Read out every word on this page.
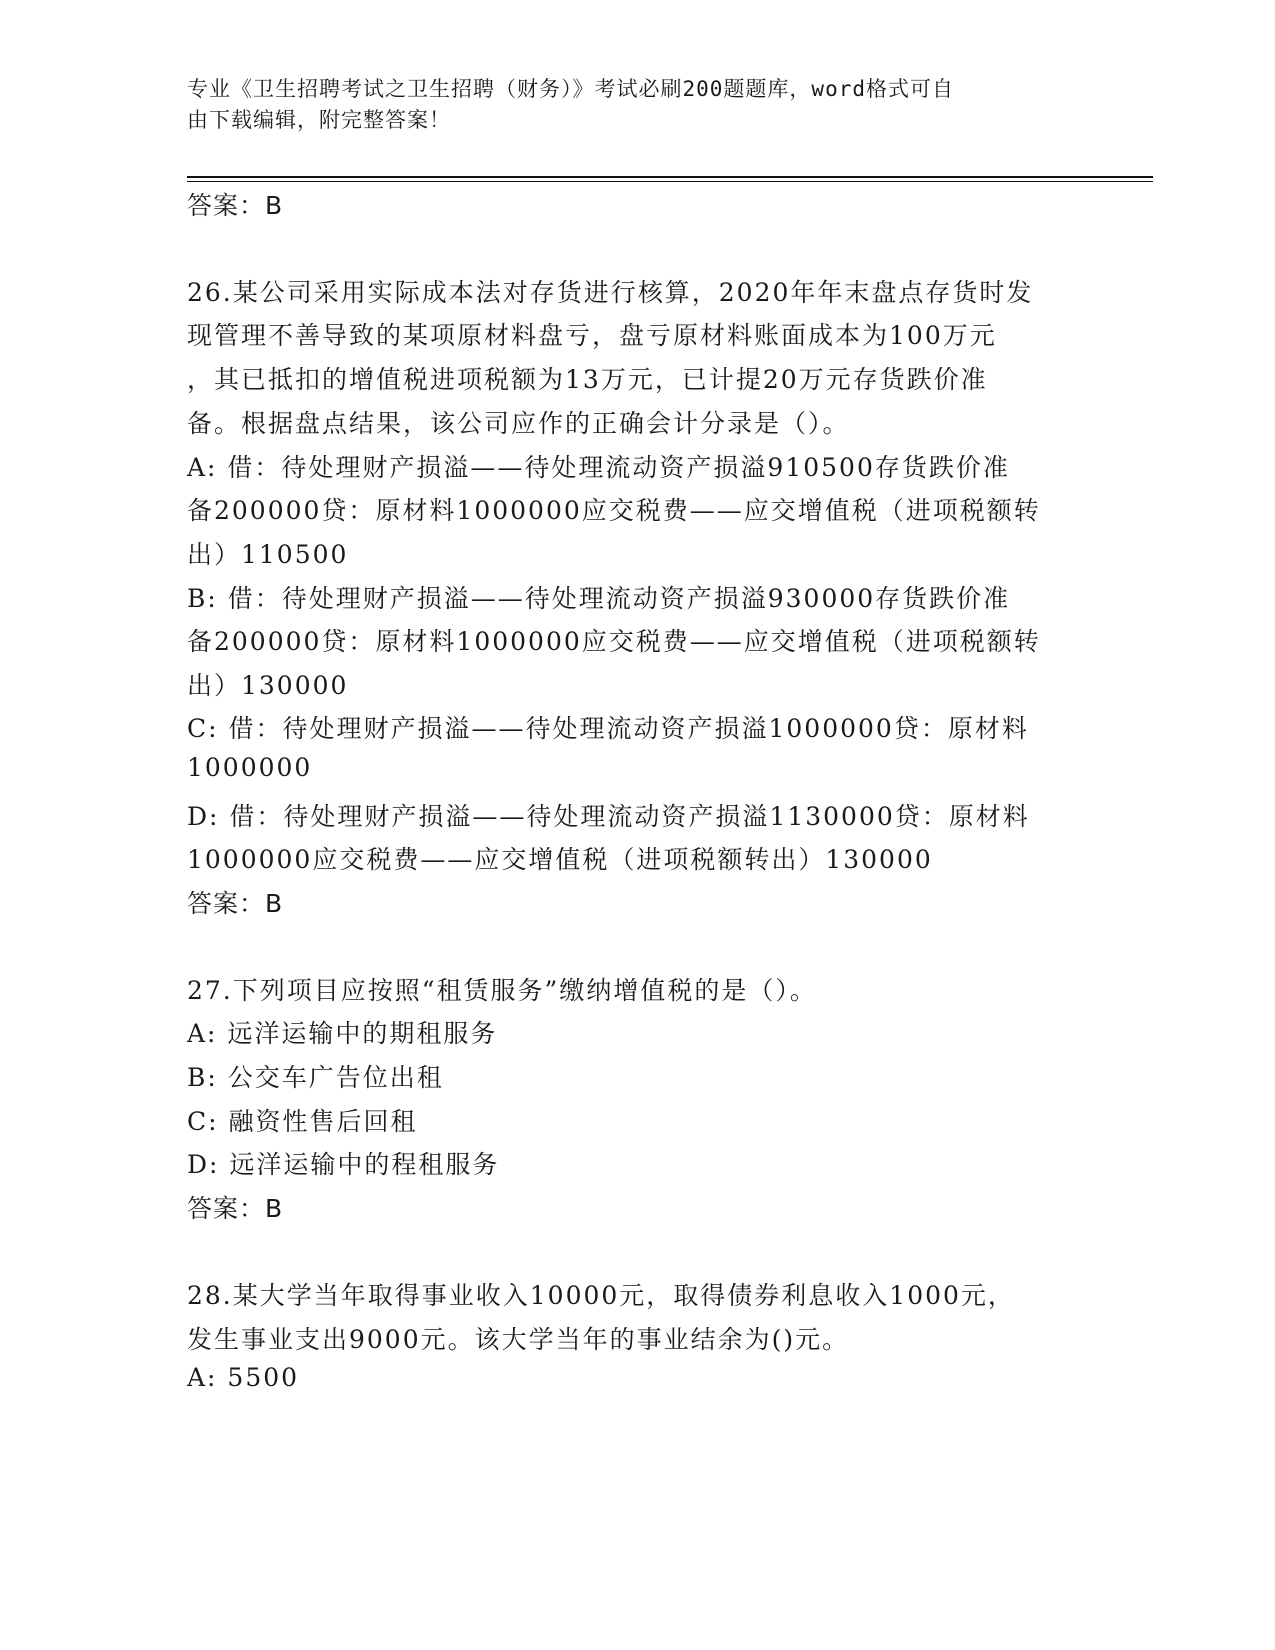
专业《卫生招聘考试之卫生招聘（财务）》考试必刷200题题库，word格式可自
由下载编辑，附完整答案！
答案：B
26.某公司采用实际成本法对存货进行核算，2020年年末盘点存货时发
现管理不善导致的某项原材料盘亏，盘亏原材料账面成本为100万元
，其已抵扣的增值税进项税额为13万元，已计提20万元存货跌价准
备。根据盘点结果，该公司应作的正确会计分录是（）。
A: 借：待处理财产损溢——待处理流动资产损溢910500存货跌价准
备200000贷：原材料1000000应交税费——应交增值税（进项税额转
出）110500
B: 借：待处理财产损溢——待处理流动资产损溢930000存货跌价准
备200000贷：原材料1000000应交税费——应交增值税（进项税额转
出）130000
C: 借：待处理财产损溢——待处理流动资产损溢1000000贷：原材料
1000000
D: 借：待处理财产损溢——待处理流动资产损溢1130000贷：原材料
1000000应交税费——应交增值税（进项税额转出）130000
答案：B
27.下列项目应按照“租赁服务”缴纳增值税的是（）。
A: 远洋运输中的期租服务
B: 公交车广告位出租
C: 融资性售后回租
D: 远洋运输中的程租服务
答案：B
28.某大学当年取得事业收入10000元，取得债券利息收入1000元，
发生事业支出9000元。该大学当年的事业结余为()元。
A: 5500
